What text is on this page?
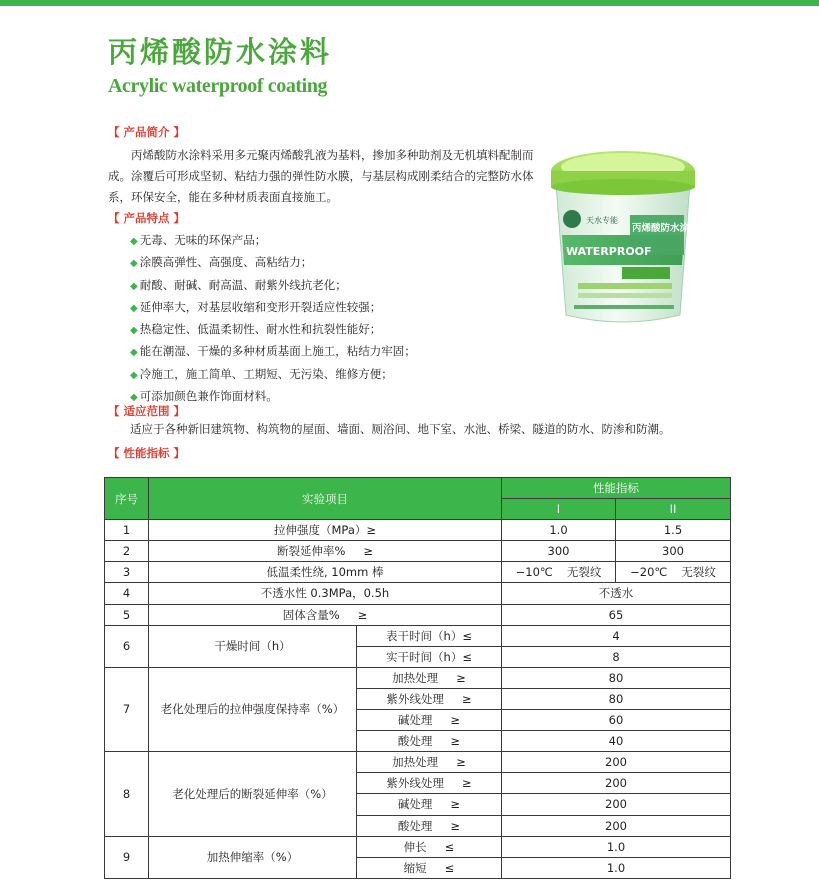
丙烯酸防水涂料
Acrylic waterproof coating
【 产品简介 】

丙烯酸防水涂料采用多元聚丙烯酸乳液为基料，掺加多种助剂及无机填料配制而成。涂覆后可形成坚韧、粘结力强的弹性防水膜，与基层构成刚柔结合的完整防水体系，环保安全，能在多种材质表面直接施工。

【 产品特点 】
◆ 无毒、无味的环保产品；
◆ 涂膜高弹性、高强度、高粘结力；
◆ 耐酸、耐碱、耐高温、耐紫外线抗老化；
◆ 延伸率大，对基层收缩和变形开裂适应性较强；
◆ 热稳定性、低温柔韧性、耐水性和抗裂性能好；
◆ 能在潮湿、干燥的多种材质基面上施工，粘结力牢固；
◆ 冷施工，施工简单、工期短、无污染、维修方便；
◆ 可添加颜色兼作饰面材料。
【 适应范围 】
适应于各种新旧建筑物、构筑物的屋面、墙面、厕浴间、地下室、水池、桥梁、隧道的防水、防渗和防潮。
【 性能指标 】
天水专能
丙烯酸防水涂料
WATERPROOF
序号	实验项目		性能指标	
			I	II
1	拉伸强度（MPa）≥		1.0	1.5
2	断裂延伸率% ≥		300	300
3	低温柔性绕, 10mm 棒		−10℃ 无裂纹	−20℃ 无裂纹
4	不透水性 0.3MPa，0.5h		不透水	
5	固体含量% ≥		65	
6	干燥时间（h）	表干时间（h）≤	4	
		实干时间（h）≤	8	
7	老化处理后的拉伸强度保持率（%）	加热处理 ≥	80	
		紫外线处理 ≥	80	
		碱处理 ≥	60	
		酸处理 ≥	40	
8	老化处理后的断裂延伸率（%）	加热处理 ≥	200	
		紫外线处理 ≥	200	
		碱处理 ≥	200	
		酸处理 ≥	200	
9	加热伸缩率（%）	伸长 ≤	1.0	
		缩短 ≤	1.0	
